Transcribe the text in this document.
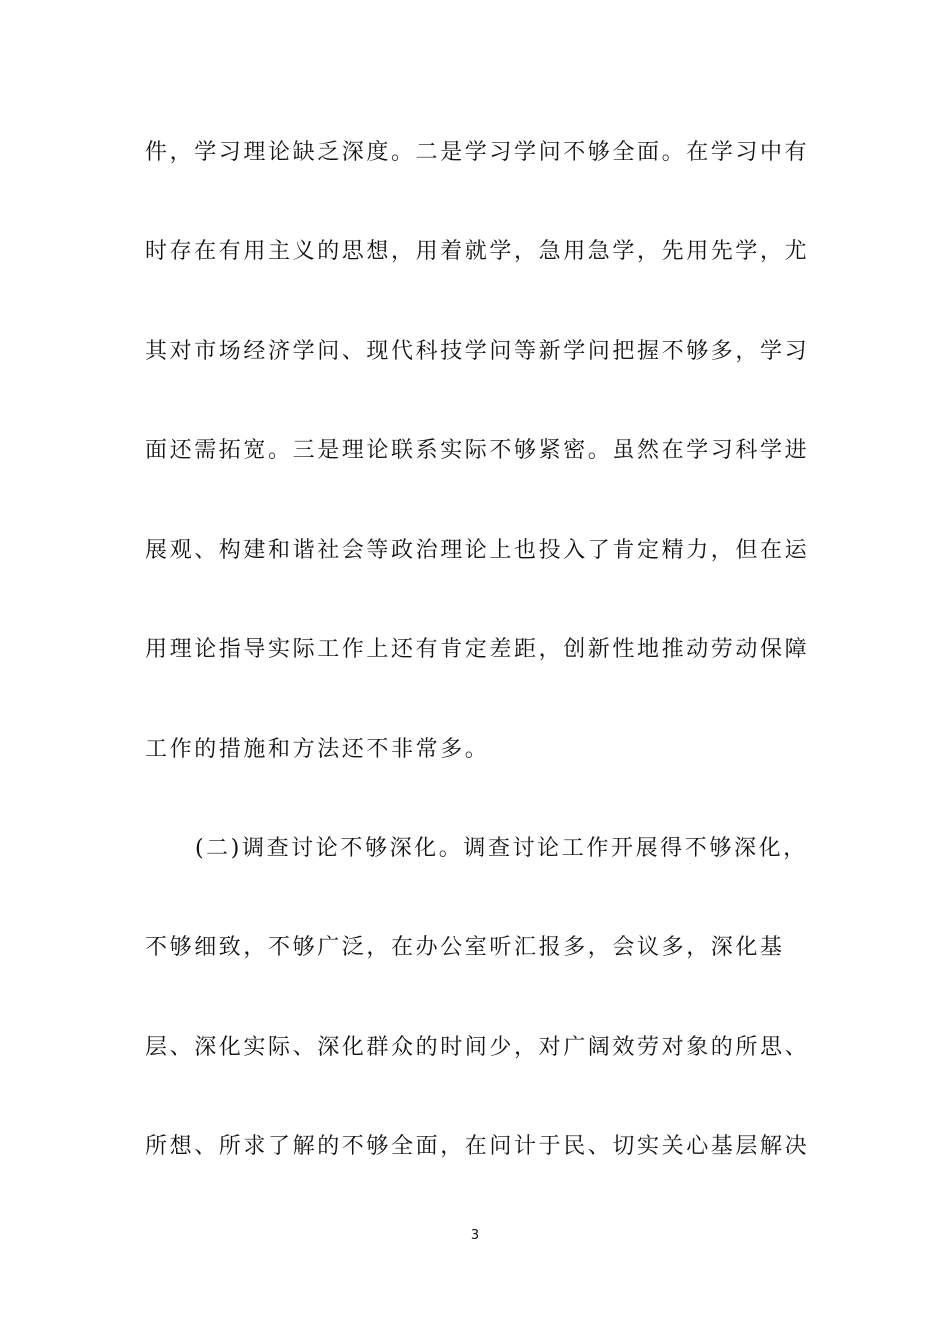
件，学习理论缺乏深度。二是学习学问不够全面。在学习中有
时存在有用主义的思想，用着就学，急用急学，先用先学，尤
其对市场经济学问、现代科技学问等新学问把握不够多，学习
面还需拓宽。三是理论联系实际不够紧密。虽然在学习科学进
展观、构建和谐社会等政治理论上也投入了肯定精力，但在运
用理论指导实际工作上还有肯定差距，创新性地推动劳动保障
工作的措施和方法还不非常多。
(二)调查讨论不够深化。调查讨论工作开展得不够深化，
不够细致，不够广泛，在办公室听汇报多，会议多，深化基
层、深化实际、深化群众的时间少，对广阔效劳对象的所思、
所想、所求了解的不够全面，在问计于民、切实关心基层解决
3
